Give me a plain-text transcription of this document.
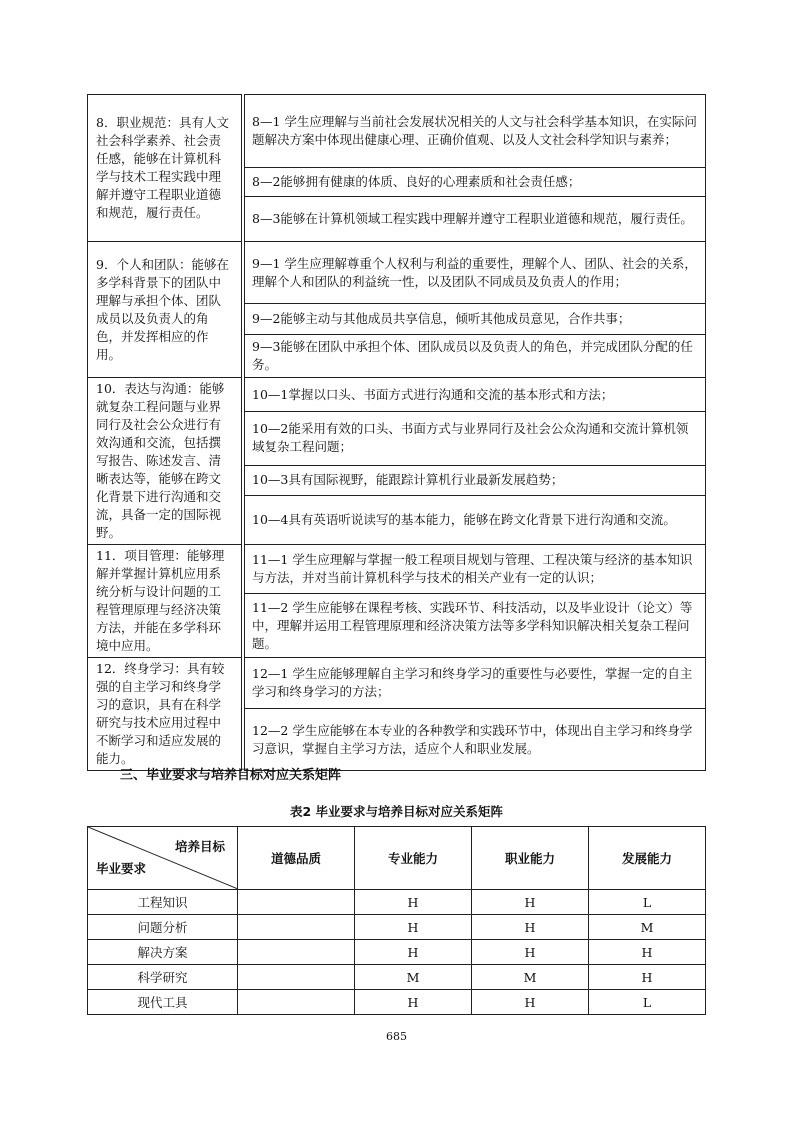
8．职业规范：具有人文社会科学素养、社会责任感，能够在计算机科学与技术工程实践中理解并遵守工程职业道德和规范，履行责任。		8—1 学生应理解与当前社会发展状况相关的人文与社会科学基本知识，在实际问题解决方案中体现出健康心理、正确价值观、以及人文社会科学知识与素养；
		8—2能够拥有健康的体质、良好的心理素质和社会责任感；
		8—3能够在计算机领域工程实践中理解并遵守工程职业道德和规范，履行责任。
9．个人和团队：能够在多学科背景下的团队中理解与承担个体、团队成员以及负责人的角色，并发挥相应的作用。		9—1 学生应理解尊重个人权利与利益的重要性，理解个人、团队、社会的关系，理解个人和团队的利益统一性，以及团队不同成员及负责人的作用；
		9—2能够主动与其他成员共享信息，倾听其他成员意见，合作共事；
		9—3能够在团队中承担个体、团队成员以及负责人的角色，并完成团队分配的任务。
10．表达与沟通：能够就复杂工程问题与业界同行及社会公众进行有效沟通和交流，包括撰写报告、陈述发言、清晰表达等，能够在跨文化背景下进行沟通和交流，具备一定的国际视野。		10—1掌握以口头、书面方式进行沟通和交流的基本形式和方法；
		10—2能采用有效的口头、书面方式与业界同行及社会公众沟通和交流计算机领域复杂工程问题；
		10—3具有国际视野，能跟踪计算机行业最新发展趋势；
		10—4具有英语听说读写的基本能力，能够在跨文化背景下进行沟通和交流。
11．项目管理：能够理解并掌握计算机应用系统分析与设计问题的工程管理原理与经济决策方法，并能在多学科环境中应用。		11—1 学生应理解与掌握一般工程项目规划与管理、工程决策与经济的基本知识与方法，并对当前计算机科学与技术的相关产业有一定的认识；
		11—2 学生应能够在课程考核、实践环节、科技活动，以及毕业设计（论文）等中，理解并运用工程管理原理和经济决策方法等多学科知识解决相关复杂工程问题。
12．终身学习：具有较强的自主学习和终身学习的意识，具有在科学研究与技术应用过程中不断学习和适应发展的能力。		12—1 学生应能够理解自主学习和终身学习的重要性与必要性，掌握一定的自主学习和终身学习的方法；
		12—2 学生应能够在本专业的各种教学和实践环节中，体现出自主学习和终身学习意识，掌握自主学习方法，适应个人和职业发展。
三、毕业要求与培养目标对应关系矩阵
表2 毕业要求与培养目标对应关系矩阵
培养目标
毕业要求	道德品质	专业能力	职业能力	发展能力
工程知识		H	H	L
问题分析		H	H	M
解决方案		H	H	H
科学研究		M	M	H
现代工具		H	H	L
685
